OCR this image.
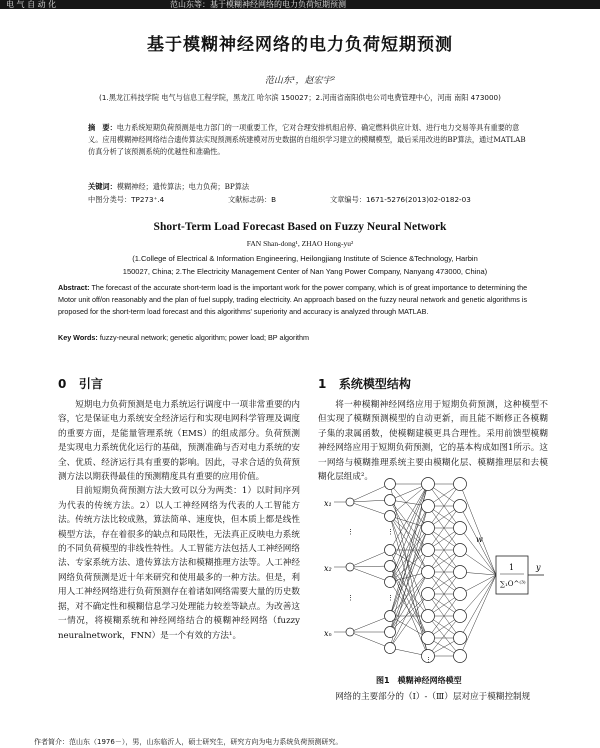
电 气 自 动 化	范山东等：基于模糊神经网络的电力负荷短期预测
基于模糊神经网络的电力负荷短期预测
范山东¹，赵宏宇²
(1.黑龙江科技学院 电气与信息工程学院，黑龙江 哈尔滨 150027；2.河南省南阳供电公司电费管理中心，河南 南阳 473000)
摘　要：电力系统短期负荷预测是电力部门的一项重要工作，它对合理安排机组启停、确定燃料供应计划、进行电力交易等具有重要的意义。应用模糊神经网络结合遗传算法实现预测系统建模对历史数据的自组织学习建立的模糊模型，最后采用改进的BP算法，通过MATLAB仿真分析了该预测系统的优越性和准确性。
关键词：模糊神经；遗传算法；电力负荷；BP算法
中图分类号：TP273⁺.4	文献标志码：B	文章编号：1671-5276(2013)02-0182-03
Short-Term Load Forecast Based on Fuzzy Neural Network
FAN Shan-dong¹, ZHAO Hong-yu²
(1.College of Electrical & Information Engineering, Heilongjiang Institute of Science &Technology, Harbin
150027, China; 2.The Electricity Management Center of Nan Yang Power Company, Nanyang 473000, China)
Abstract: The forecast of the accurate short-term load is the important work for the power company, which is of great importance to determining the Motor unit off/on reasonably and the plan of fuel supply, trading electricity. An approach based on the fuzzy neural network and genetic algorithms is proposed for the short-term load forecast and this algorithms' superiority and accuracy is analyzed through MATLAB.
Key Words: fuzzy-neural network; genetic algorithm; power load; BP algorithm
0 引言	1 系统模型结构

短期电力负荷预测是电力系统运行调度中一项非常重要的内容，它是保证电力系统安全经济运行和实现电网科学管理及调度的重要方面，是能量管理系统（EMS）的组成部分。负荷预测是实现电力系统优化运行的基础，预测准确与否对电力系统的安全、优质、经济运行具有重要的影响。因此，寻求合适的负荷预测方法以期获得最佳的预测精度具有重要的应用价值。

目前短期负荷预测方法大致可以分为两类：1）以时间序列为代表的传统方法。2）以人工神经网络为代表的人工智能方法。传统方法比较成熟，算法简单、速度快，但本质上都是线性模型方法，存在着很多的缺点和局限性，无法真正反映电力系统的不同负荷模型的非线性特性。人工智能方法包括人工神经网络法、专家系统方法、遗传算法方法和模糊推理方法等。人工神经网络负荷预测是近十年来研究和使用最多的一种方法。但是，利用人工神经网络进行负荷预测存在着诸如网络需要大量的历史数据，对不确定性和模糊信息学习处理能力较差等缺点。为改善这一情况，将模糊系统和神经网络结合的模糊神经网络（fuzzy neuralnetwork，FNN）是一个有效的方法¹。

将一种模糊神经网络应用于短期负荷预测，这种模型不但实现了模糊预测模型的自动更新，而且能不断修正各模糊子集的隶属函数，使模糊建模更具合理性。采用前馈型模糊神经网络应用于短期负荷预测，它的基本构成如图1所示。这一网络与模糊推理系统主要由模糊化层、模糊推理层和去模糊化层组成²。

⋮
⋮
⋮
⋮
⋮
x₁
x₂
xₙ
w
1
∑₁O^⁽³⁾
y
图1　模糊神经网络模型

网络的主要部分的（I）-（Ⅲ）层对应于模糊控制规

作者简介：范山东（1976－），男，山东临沂人，硕士研究生，研究方向为电力系统负荷预测研究。
